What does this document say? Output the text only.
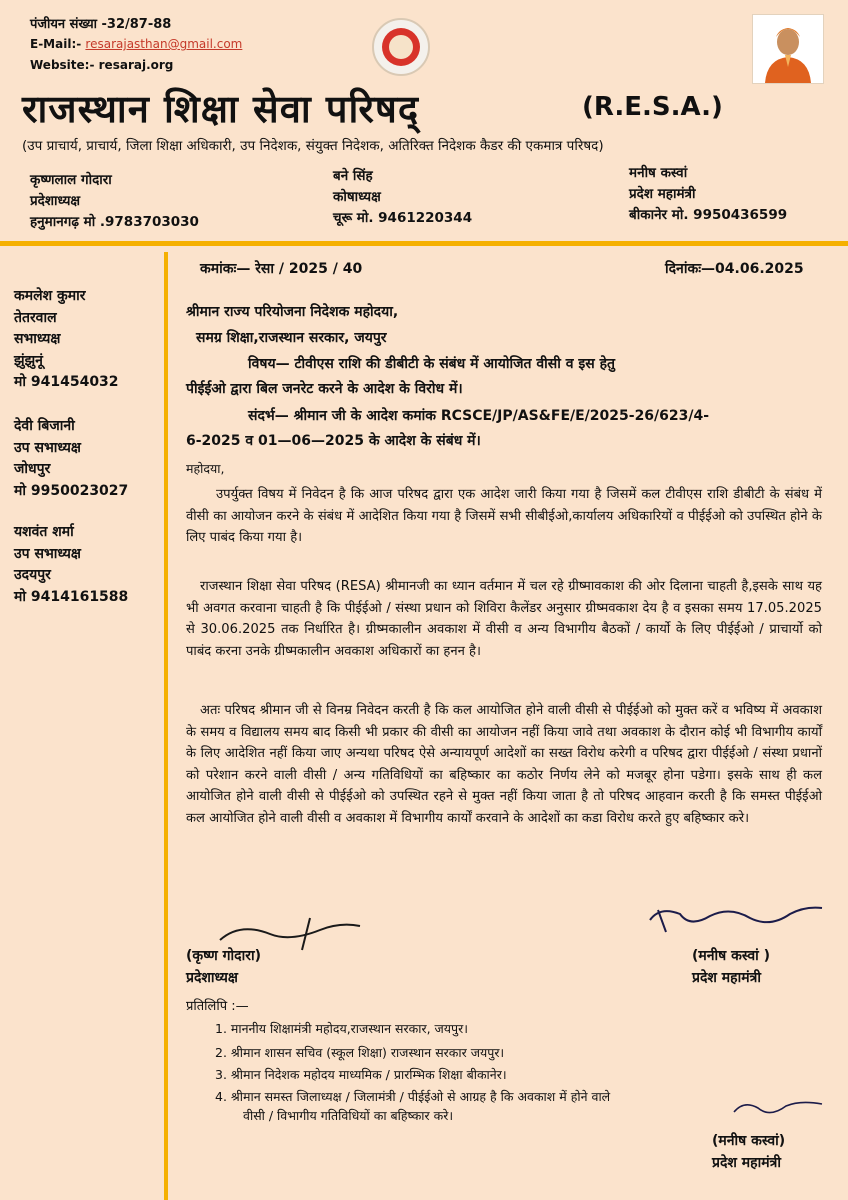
पंजीयन संख्या -32/87-88
E-Mail:- resarajasthan@gmail.com
Website:- resaraj.org
राजस्थान शिक्षा सेवा परिषद्	(R.E.S.A.)
(उप प्राचार्य, प्राचार्य, जिला शिक्षा अधिकारी, उप निदेशक, संयुक्त निदेशक, अतिरिक्त निदेशक कैडर की एकमात्र परिषद)
कृष्णलाल गोदारा
प्रदेशाध्यक्ष
हनुमानगढ़ मो .9783703030
बने सिंह
कोषाध्यक्ष
चूरू मो. 9461220344
मनीष कस्वां
प्रदेश महामंत्री
बीकानेर मो. 9950436599
कमलेश कुमार
तेतरवाल
सभाध्यक्ष
झुंझुनूं
मो 941454032
देवी बिजानी
उप सभाध्यक्ष
जोधपुर
मो 9950023027
यशवंत शर्मा
उप सभाध्यक्ष
उदयपुर
मो 9414161588
कमांकः— रेसा / 2025 / 40	दिनांकः—04.06.2025
श्रीमान राज्य परियोजना निदेशक महोदया,
समग्र शिक्षा,राजस्थान सरकार, जयपुर
विषय— टीवीएस राशि की डीबीटी के संबंध में आयोजित वीसी व इस हेतु
पीईईओ द्वारा बिल जनरेट करने के आदेश के विरोध में।
संदर्भ— श्रीमान जी के आदेश कमांक RCSCE/JP/AS&FE/E/2025-26/623/4-
6-2025 व 01—06—2025 के आदेश के संबंध में।
महोदया,
उपर्युक्त विषय में निवेदन है कि आज परिषद द्वारा एक आदेश जारी किया गया है जिसमें कल टीवीएस राशि डीबीटी के संबंध में वीसी का आयोजन करने के संबंध में आदेशित किया गया है जिसमें सभी सीबीईओ,कार्यालय अधिकारियों व पीईईओ को उपस्थित होने के लिए पाबंद किया गया है।
राजस्थान शिक्षा सेवा परिषद (RESA) श्रीमानजी का ध्यान वर्तमान में चल रहे ग्रीष्मावकाश की ओर दिलाना चाहती है,इसके साथ यह भी अवगत करवाना चाहती है कि पीईईओ / संस्था प्रधान को शिविरा कैलेंडर अनुसार ग्रीष्मवकाश देय है व इसका समय 17.05.2025 से 30.06.2025 तक निर्धारित है। ग्रीष्मकालीन अवकाश में वीसी व अन्य विभागीय बैठकों / कार्यो के लिए पीईईओ / प्राचार्यो को पाबंद करना उनके ग्रीष्मकालीन अवकाश अधिकारों का हनन है।
अतः परिषद श्रीमान जी से विनम्र निवेदन करती है कि कल आयोजित होने वाली वीसी से पीईईओ को मुक्त करें व भविष्य में अवकाश के समय व विद्यालय समय बाद किसी भी प्रकार की वीसी का आयोजन नहीं किया जावे तथा अवकाश के दौरान कोई भी विभागीय कार्यों के लिए आदेशित नहीं किया जाए अन्यथा परिषद ऐसे अन्यायपूर्ण आदेशों का सख्त विरोध करेगी व परिषद द्वारा पीईईओ / संस्था प्रधानों को परेशान करने वाली वीसी / अन्य गतिविधियों का बहिष्कार का कठोर निर्णय लेने को मजबूर होना पडेगा। इसके साथ ही कल आयोजित होने वाली वीसी से पीईईओ को उपस्थित रहने से मुक्त नहीं किया जाता है तो परिषद आहवान करती है कि समस्त पीईईओ कल आयोजित होने वाली वीसी व अवकाश में विभागीय कार्यों करवाने के आदेशों का कडा विरोध करते हुए बहिष्कार करे।
(कृष्ण गोदारा)
प्रदेशाध्यक्ष
(मनीष कस्वां )
प्रदेश महामंत्री
प्रतिलिपि :—
1. माननीय शिक्षामंत्री महोदय,राजस्थान सरकार, जयपुर।
2. श्रीमान शासन सचिव (स्कूल शिक्षा) राजस्थान सरकार जयपुर।
3. श्रीमान निदेशक महोदय माध्यमिक / प्रारम्भिक शिक्षा बीकानेर।
4. श्रीमान समस्त जिलाध्यक्ष / जिलामंत्री / पीईईओ से आग्रह है कि अवकाश में होने वाले
वीसी / विभागीय गतिविधियों का बहिष्कार करे।
(मनीष कस्वां)
प्रदेश महामंत्री
